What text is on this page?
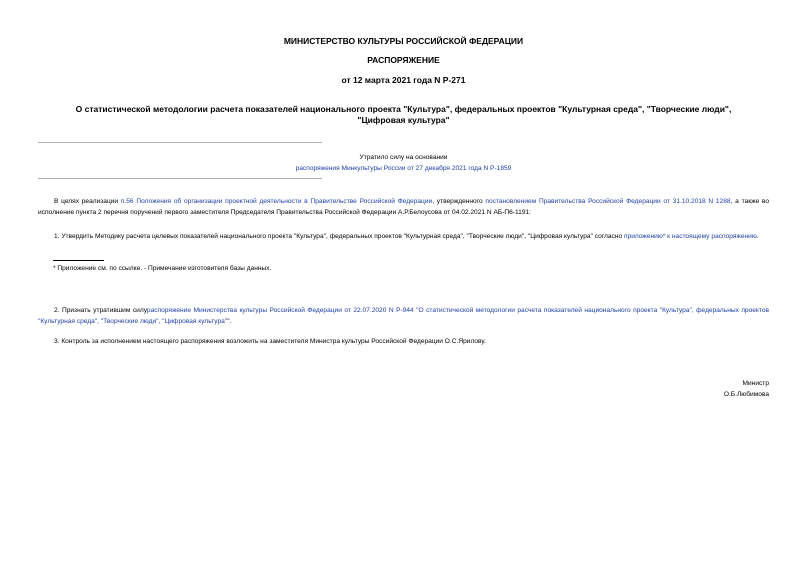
МИНИСТЕРСТВО КУЛЬТУРЫ РОССИЙСКОЙ ФЕДЕРАЦИИ
РАСПОРЯЖЕНИЕ
от 12 марта 2021 года N Р-271
О статистической методологии расчета показателей национального проекта "Культура", федеральных проектов "Культурная среда", "Творческие люди",
"Цифровая культура"
Утратило силу на основании
распоряжения Минкультуры России от 27 декабря 2021 года N Р-1859
В целях реализации п.56 Положения об организации проектной деятельности в Правительстве Российской Федерации, утвержденного постановлением Правительства Российской Федерации от 31.10.2018 N 1288, а также во исполнение пункта 2 перечня поручений первого заместителя Председателя Правительства Российской Федерации А.Р.Белоусова от 04.02.2021 N АБ-П6-1191:
1. Утвердить Методику расчета целевых показателей национального проекта "Культура", федеральных проектов "Культурная среда", "Творческие люди", "Цифровая культура" согласно приложению* к настоящему распоряжению.
* Приложение см. по ссылке. - Примечание изготовителя базы данных.
2. Признать утратившим силураспоряжение Министерства культуры Российской Федерации от 22.07.2020 N Р-944 "О статистической методологии расчета показателей национального проекта "Культура", федеральных проектов "Культурная среда", "Творческие люди", "Цифровая культура"".
3. Контроль за исполнением настоящего распоряжения возложить на заместителя Министра культуры Российской Федерации О.С.Ярилову.
Министр
О.Б.Любимова
